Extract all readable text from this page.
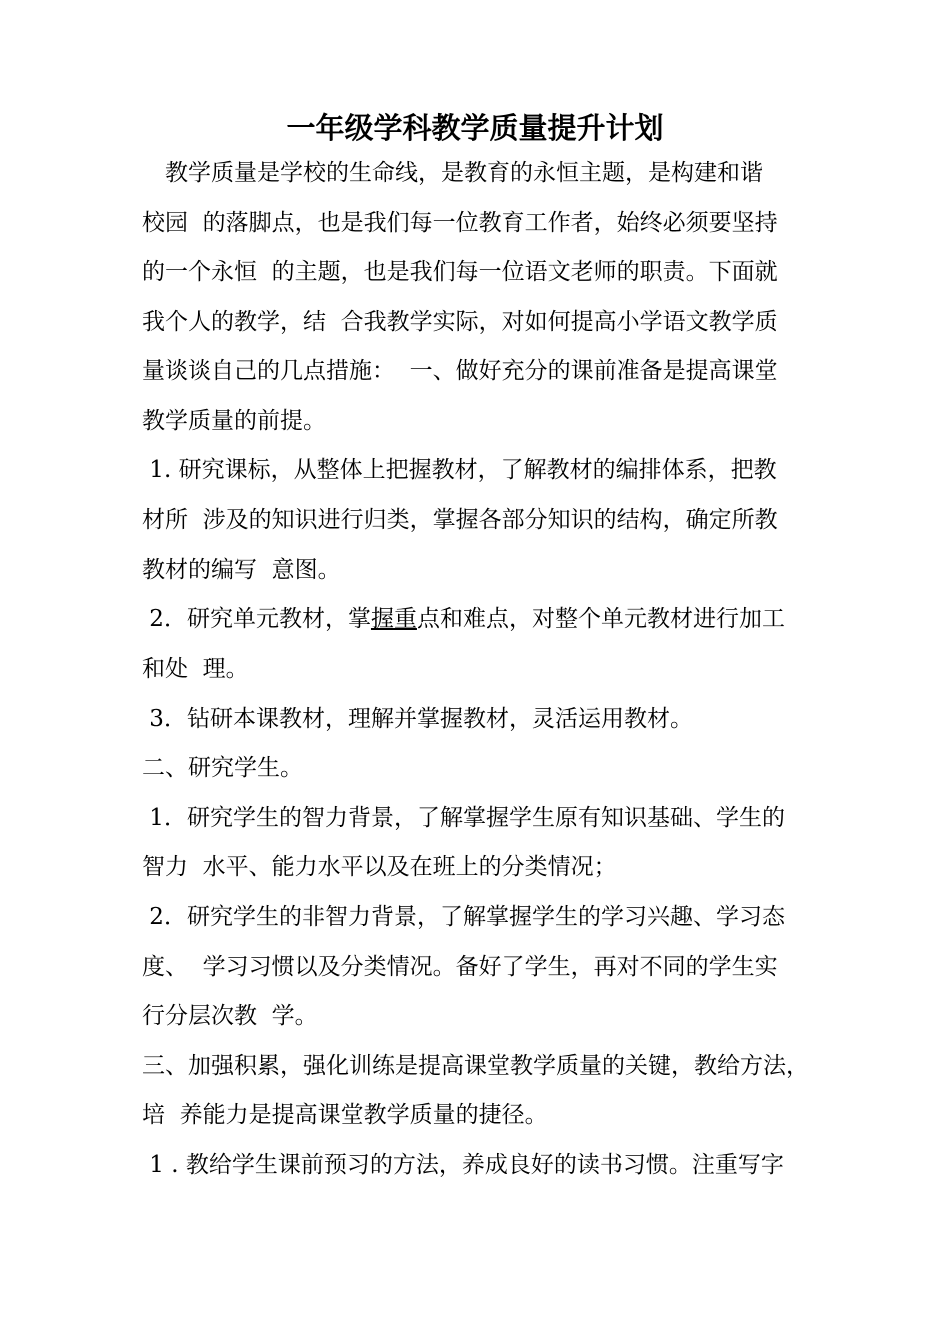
一年级学科教学质量提升计划

　教学质量是学校的生命线，是教育的永恒主题，是构建和谐

校园  的落脚点，也是我们每一位教育工作者，始终必须要坚持

的一个永恒  的主题，也是我们每一位语文老师的职责。下面就

我个人的教学，结  合我教学实际，对如何提高小学语文教学质

量谈谈自己的几点措施：  一、做好充分的课前准备是提高课堂

教学质量的前提。

1. 研究课标，从整体上把握教材，了解教材的编排体系，把教

材所  涉及的知识进行归类，掌握各部分知识的结构，确定所教

教材的编写  意图。

2．研究单元教材，掌握重点和难点，对整个单元教材进行加工

和处  理。

3．钻研本课教材，理解并掌握教材，灵活运用教材。

二、研究学生。

1．研究学生的智力背景，了解掌握学生原有知识基础、学生的

智力  水平、能力水平以及在班上的分类情况；

2．研究学生的非智力背景，了解掌握学生的学习兴趣、学习态

度、  学习习惯以及分类情况。备好了学生，再对不同的学生实

行分层次教  学。

三、加强积累，强化训练是提高课堂教学质量的关键，教给方法，

培  养能力是提高课堂教学质量的捷径。

1 . 教给学生课前预习的方法，养成良好的读书习惯。注重写字
